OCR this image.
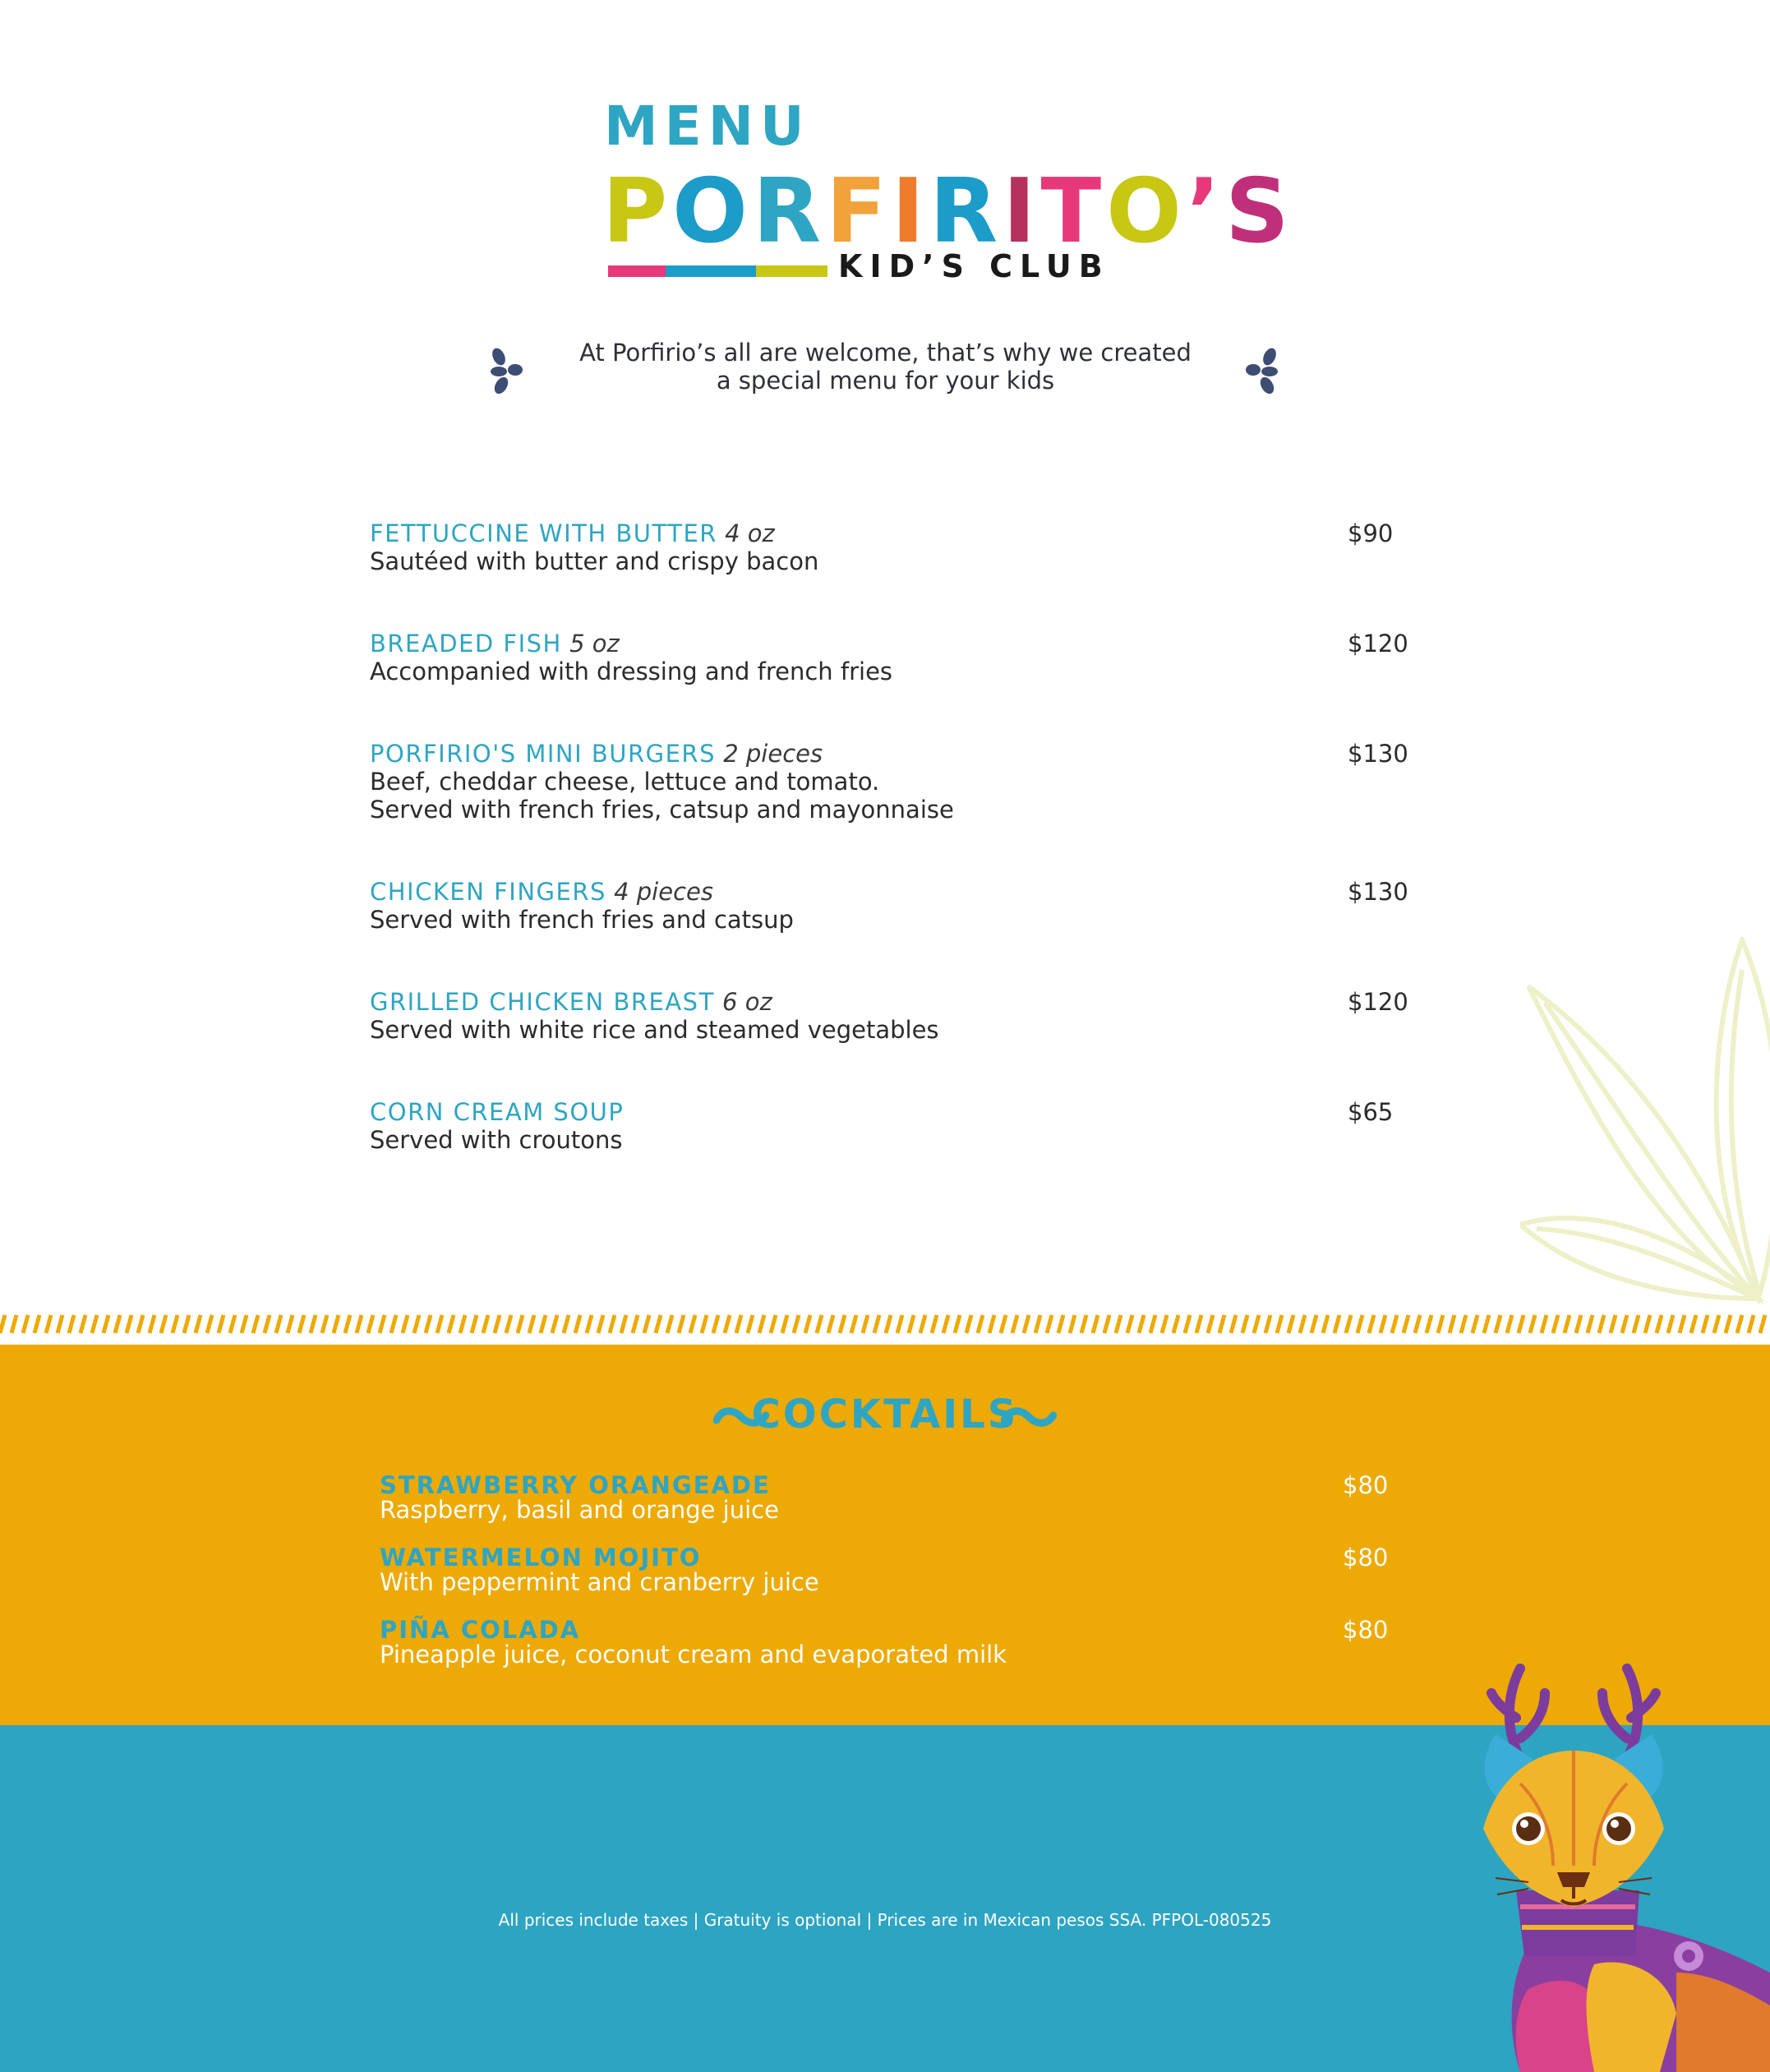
MENU
PORFIRITO’S
KID’S CLUB
At Porfirio’s all are welcome, that’s why we created
a special menu for your kids
FETTUCCINE WITH BUTTER 4 oz
Sautéed with butter and crispy bacon
$90
BREADED FISH 5 oz
Accompanied with dressing and french fries
$120
PORFIRIO'S MINI BURGERS 2 pieces
Beef, cheddar cheese, lettuce and tomato.
Served with french fries, catsup and mayonnaise
$130
CHICKEN FINGERS 4 pieces
Served with french fries and catsup
$130
GRILLED CHICKEN BREAST 6 oz
Served with white rice and steamed vegetables
$120
CORN CREAM SOUP
Served with croutons
$65
COCKTAILS
STRAWBERRY ORANGEADE
Raspberry, basil and orange juice
$80
WATERMELON MOJITO
With peppermint and cranberry juice
$80
PIÑA COLADA
Pineapple juice, coconut cream and evaporated milk
$80
All prices include taxes | Gratuity is optional | Prices are in Mexican pesos SSA. PFPOL-080525
